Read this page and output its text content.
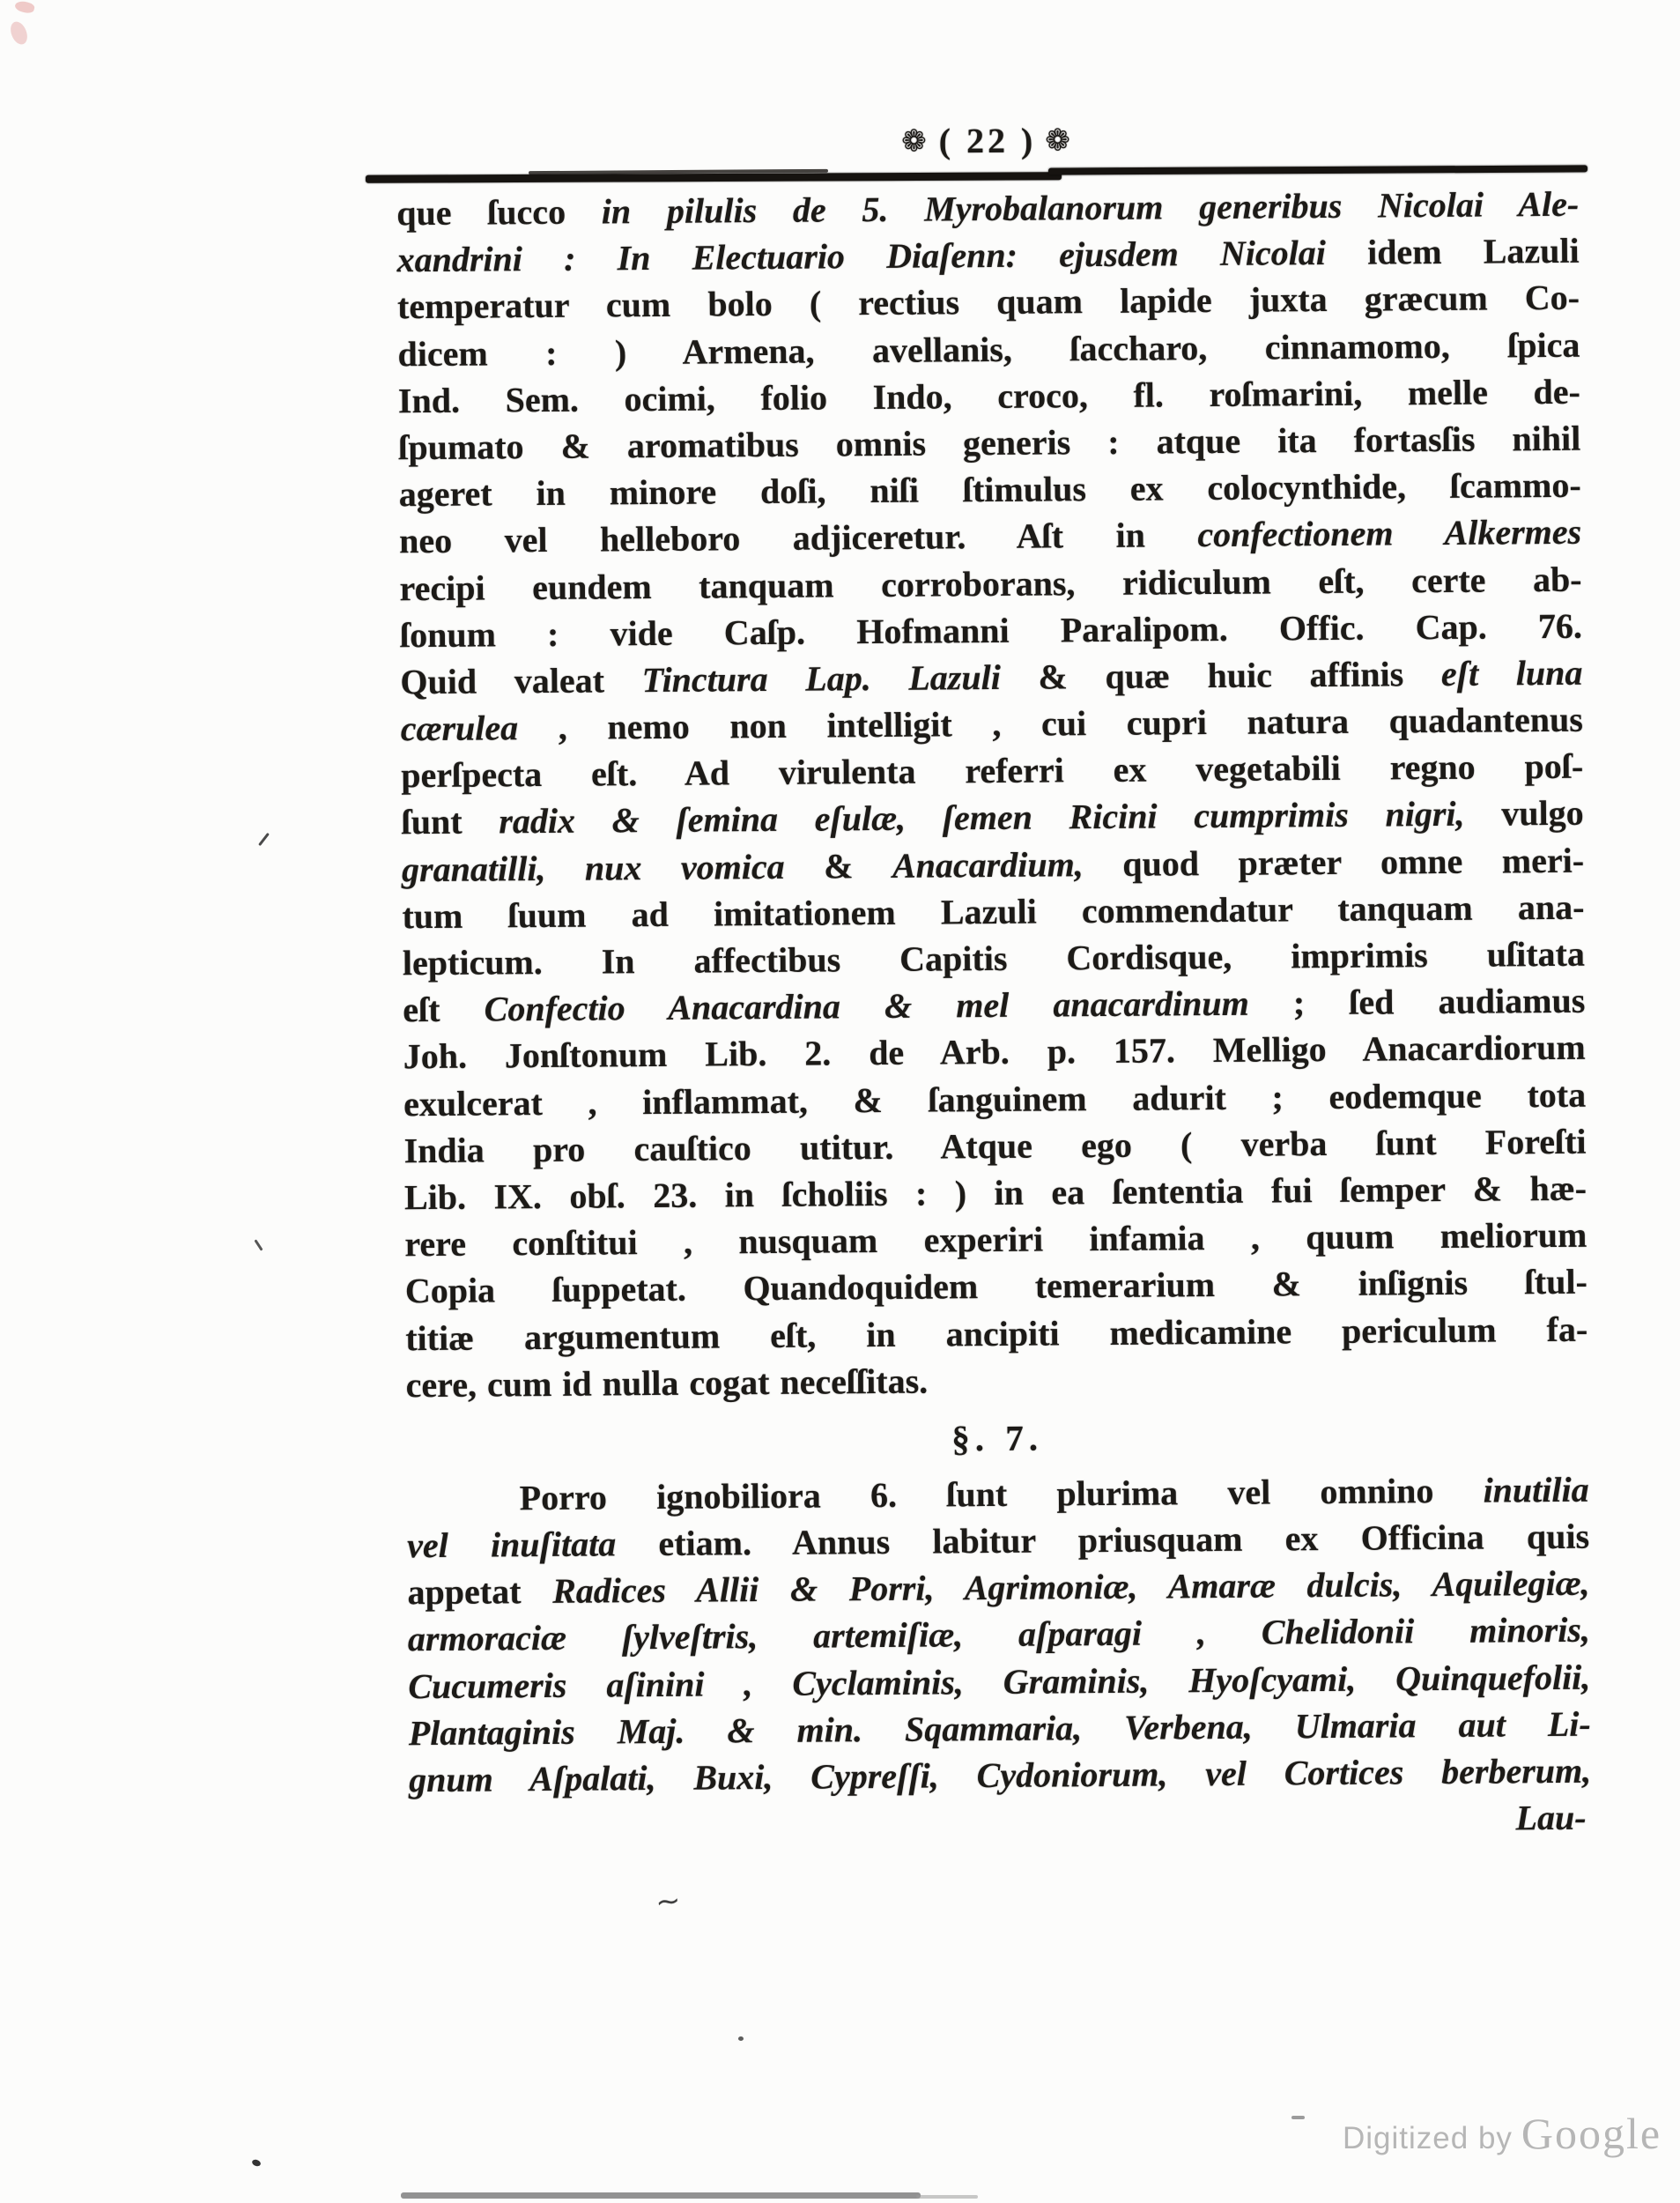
❁ ( 22 ) ❁
que ſucco in pilulis de 5. Myrobalanorum generibus Nicolai Ale-
xandrini : In Electuario Diaſenn: ejusdem Nicolai idem Lazuli
temperatur cum bolo ( rectius quam lapide juxta græcum Co-
dicem : ) Armena, avellanis, ſaccharo, cinnamomo, ſpica
Ind. Sem. ocimi, folio Indo, croco, fl. roſmarini, melle de-
ſpumato & aromatibus omnis generis : atque ita fortasſis nihil
ageret in minore doſi, niſi ſtimulus ex colocynthide, ſcammo-
neo vel helleboro adjiceretur. Aſt in confectionem Alkermes
recipi eundem tanquam corroborans, ridiculum eſt, certe ab-
ſonum : vide Caſp. Hofmanni Paralipom. Offic. Cap. 76.
Quid valeat Tinctura Lap. Lazuli & quæ huic affinis eſt luna
cærulea , nemo non intelligit , cui cupri natura quadantenus
perſpecta eſt. Ad virulenta referri ex vegetabili regno poſ-
ſunt radix & ſemina eſulæ, ſemen Ricini cumprimis nigri, vulgo
granatilli, nux vomica & Anacardium, quod præter omne meri-
tum ſuum ad imitationem Lazuli commendatur tanquam ana-
lepticum. In affectibus Capitis Cordisque, imprimis uſitata
eſt Confectio Anacardina & mel anacardinum ; ſed audiamus
Joh. Jonſtonum Lib. 2. de Arb. p. 157. Melligo Anacardiorum
exulcerat , inflammat, & ſanguinem adurit ; eodemque tota
India pro cauſtico utitur. Atque ego ( verba ſunt Foreſti
Lib. IX. obſ. 23. in ſcholiis : ) in ea ſententia fui ſemper & hæ-
rere conſtitui , nusquam experiri infamia , quum meliorum
Copia ſuppetat. Quandoquidem temerarium & inſignis ſtul-
titiæ argumentum eſt, in ancipiti medicamine periculum fa-
cere, cum id nulla cogat neceſſitas.
§. 7.
Porro ignobiliora 6. ſunt plurima vel omnino inutilia
vel inuſitata etiam. Annus labitur priusquam ex Officina quis
appetat Radices Allii & Porri, Agrimoniæ, Amaræ dulcis, Aquilegiæ,
armoraciæ ſylveſtris, artemiſiæ, aſparagi , Chelidonii minoris,
Cucumeris aſinini , Cyclaminis, Graminis, Hyoſcyami, Quinquefolii,
Plantaginis Maj. & min. Sqammaria, Verbena, Ulmaria aut Li-
gnum Aſpalati, Buxi, Cypreſſi, Cydoniorum, vel Cortices berberum,
Lau-
~
Digitized by Google
